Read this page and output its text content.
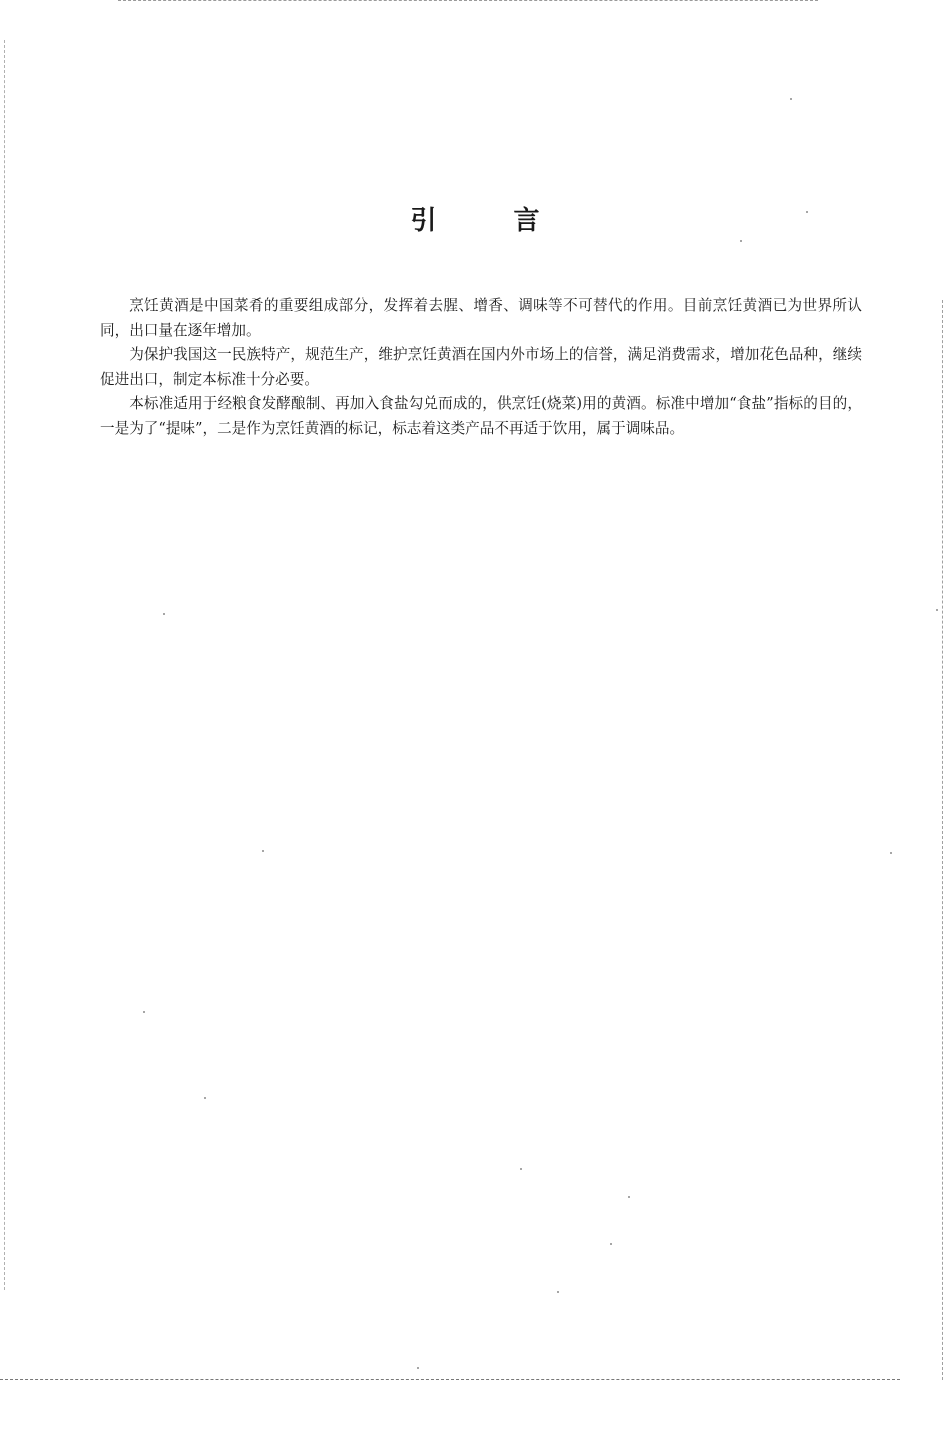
引 言

烹饪黄酒是中国菜肴的重要组成部分，发挥着去腥、增香、调味等不可替代的作用。目前烹饪黄酒已为世界所认同，出口量在逐年增加。

为保护我国这一民族特产，规范生产，维护烹饪黄酒在国内外市场上的信誉，满足消费需求，增加花色品种，继续促进出口，制定本标准十分必要。

本标准适用于经粮食发酵酿制、再加入食盐勾兑而成的，供烹饪(烧菜)用的黄酒。标准中增加“食盐”指标的目的，一是为了“提味”，二是作为烹饪黄酒的标记，标志着这类产品不再适于饮用，属于调味品。
